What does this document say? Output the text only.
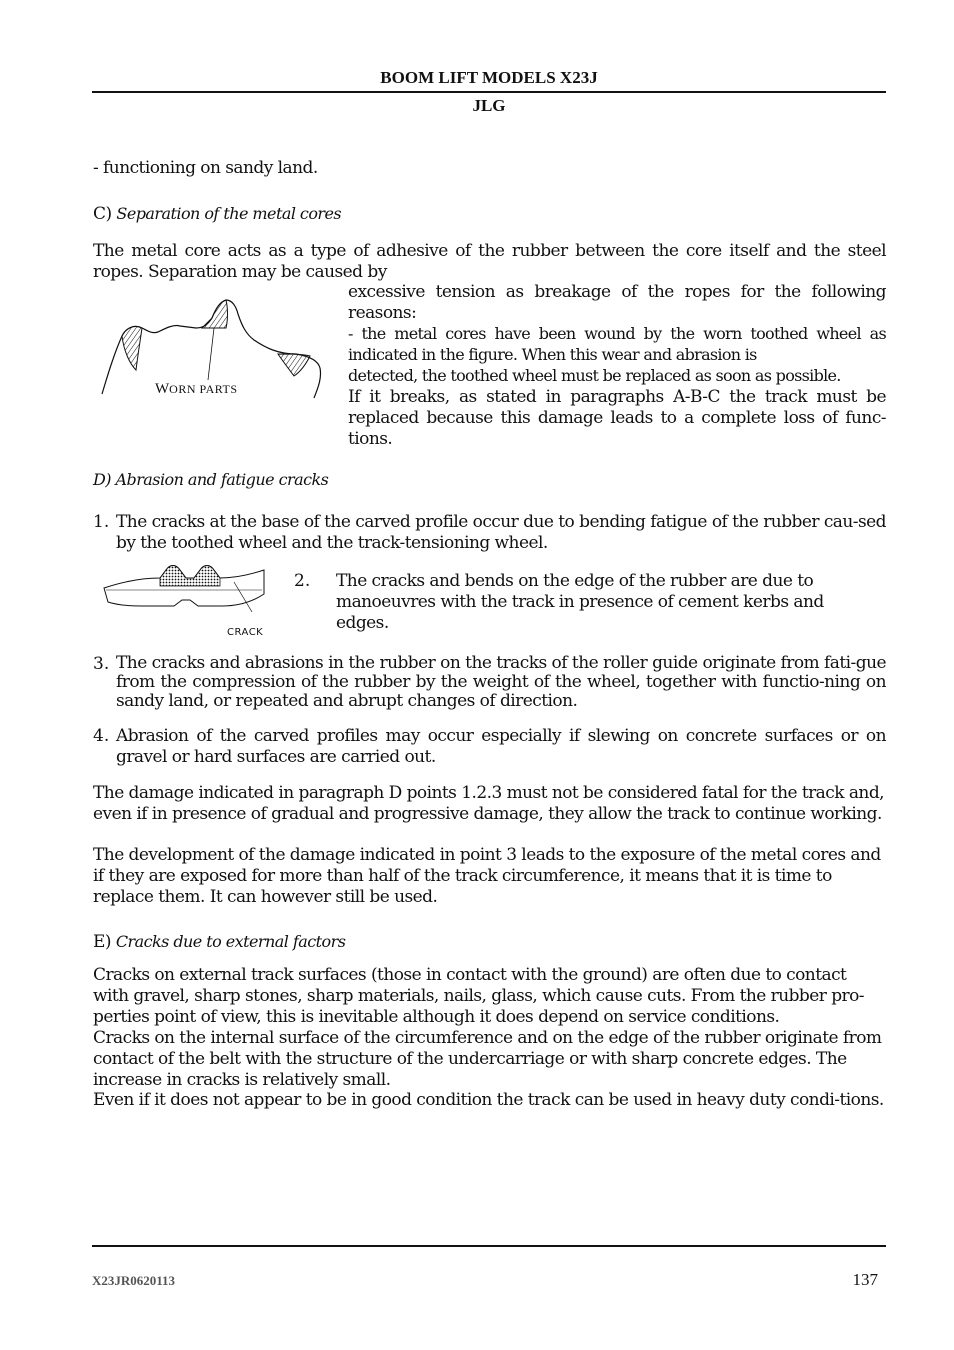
BOOM LIFT MODELS X23J
JLG
- functioning on sandy land.
C) Separation of the metal cores
The metal core acts as a type of adhesive of the rubber between the core itself and the steel
ropes. Separation may be caused by
WORN PARTS
excessive tension as breakage of the ropes for the following reasons:
- the metal cores have been wound by the worn toothed wheel as indicated in the figure. When this wear and abrasion is
detected, the toothed wheel must be replaced as soon as possible.
If it breaks, as stated in paragraphs A-B-C the track must be replaced because this damage leads to a complete loss of func-tions.
D) Abrasion and fatigue cracks
1. The cracks at the base of the carved profile occur due to bending fatigue of the rubber cau-sed by the toothed wheel and the track-tensioning wheel.
CRACK
2. The cracks and bends on the edge of the rubber are due to manoeuvres with the track in presence of cement kerbs and edges.
3. The cracks and abrasions in the rubber on the tracks of the roller guide originate from fati-gue from the compression of the rubber by the weight of the wheel, together with functio-ning on sandy land, or repeated and abrupt changes of direction.
4. Abrasion of the carved profiles may occur especially if slewing on concrete surfaces or on gravel or hard surfaces are carried out.
The damage indicated in paragraph D points 1.2.3 must not be considered fatal for the track and, even if in presence of gradual and progressive damage, they allow the track to continue working.
The development of the damage indicated in point 3 leads to the exposure of the metal cores and if they are exposed for more than half of the track circumference, it means that it is time to replace them. It can however still be used.
E) Cracks due to external factors
Cracks on external track surfaces (those in contact with the ground) are often due to contact with gravel, sharp stones, sharp materials, nails, glass, which cause cuts. From the rubber pro-perties point of view, this is inevitable although it does depend on service conditions.
Cracks on the internal surface of the circumference and on the edge of the rubber originate from contact of the belt with the structure of the undercarriage or with sharp concrete edges. The increase in cracks is relatively small.
Even if it does not appear to be in good condition the track can be used in heavy duty condi-tions.
X23JR0620113	137
